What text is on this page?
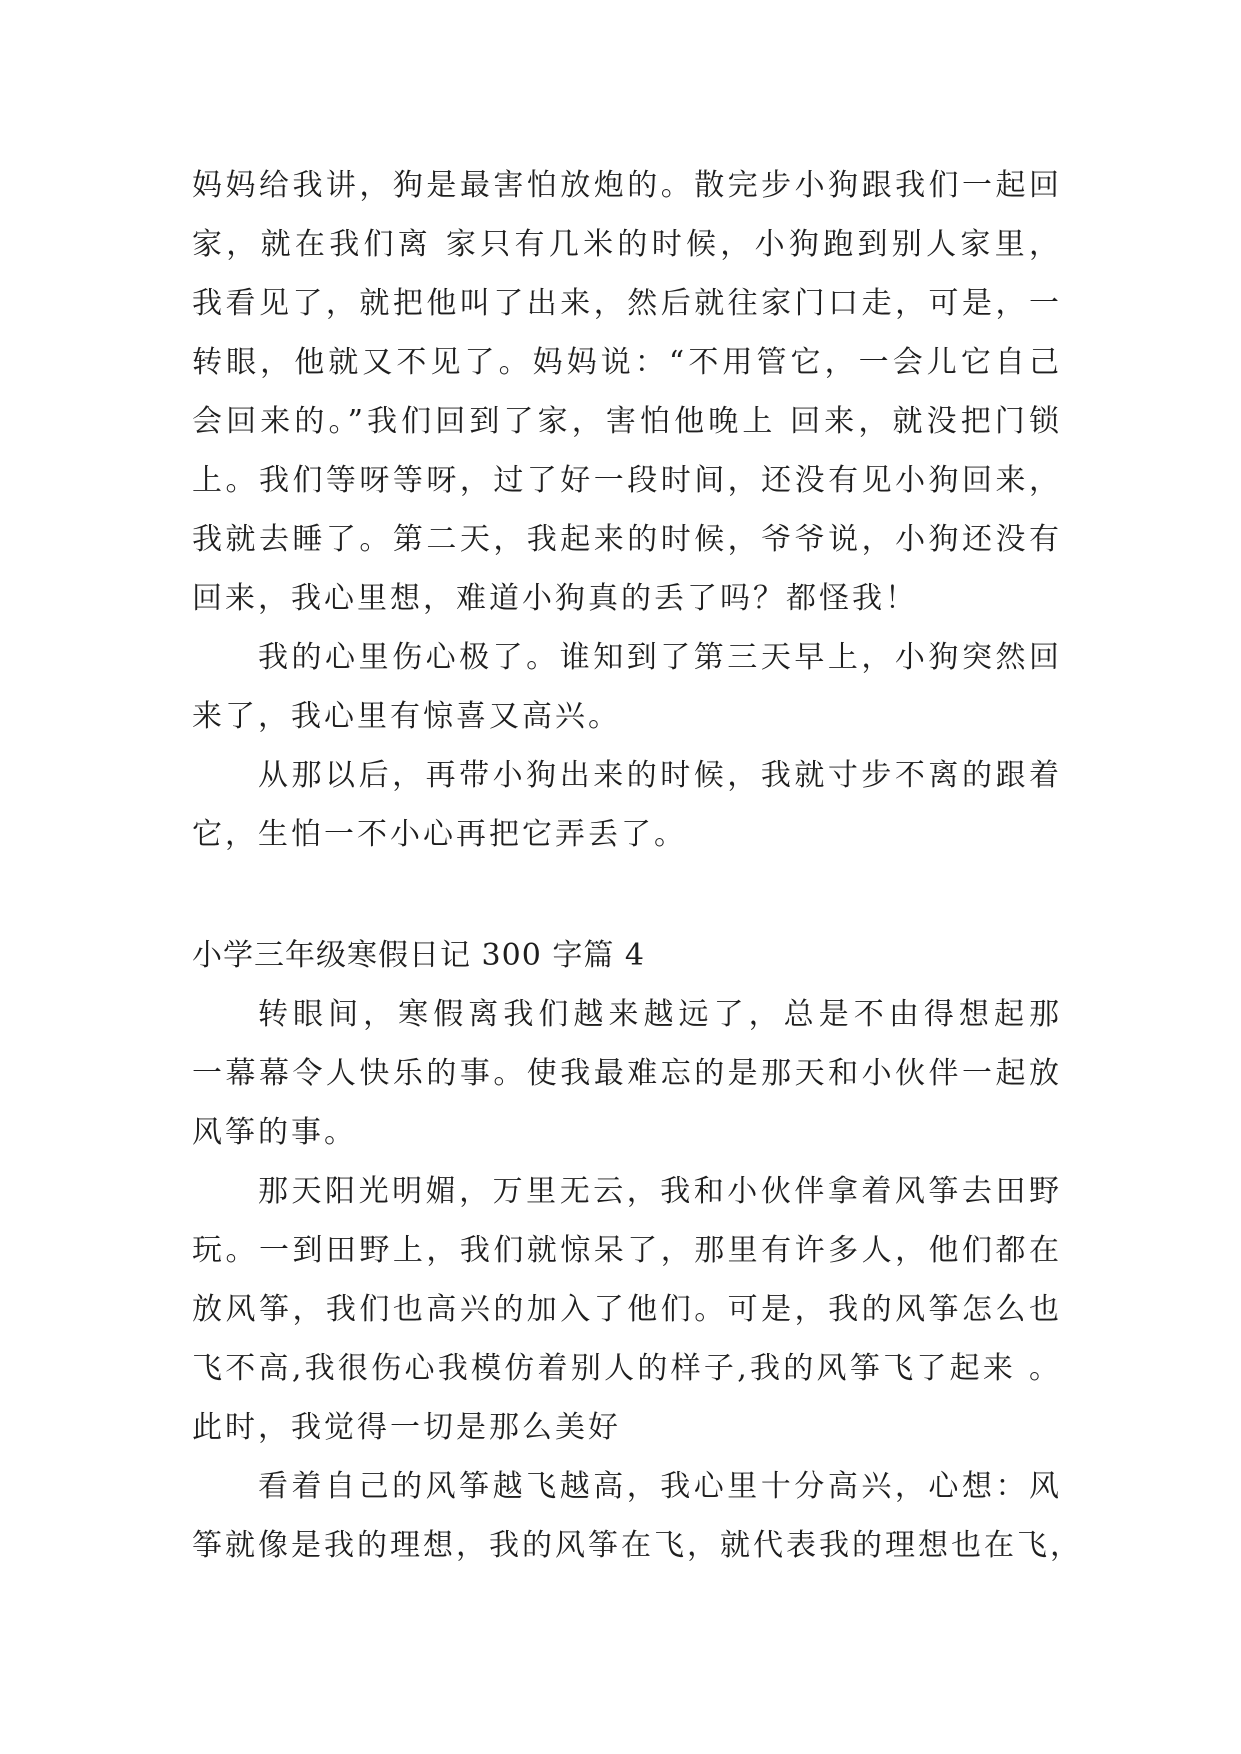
妈妈给我讲，狗是最害怕放炮的。散完步小狗跟我们一起回
家，就在我们离 家只有几米的时候，小狗跑到别人家里，
我看见了，就把他叫了出来，然后就往家门口走，可是，一
转眼，他就又不见了。妈妈说：“不用管它，一会儿它自己
会回来的。”我们回到了家，害怕他晚上 回来，就没把门锁
上。我们等呀等呀，过了好一段时间，还没有见小狗回来，
我就去睡了。第二天，我起来的时候，爷爷说，小狗还没有
回来，我心里想，难道小狗真的丢了吗？都怪我！
我的心里伤心极了。谁知到了第三天早上，小狗突然回
来了，我心里有惊喜又高兴。
从那以后，再带小狗出来的时候，我就寸步不离的跟着
它，生怕一不小心再把它弄丢了。
小学三年级寒假日记 300 字篇 4
转眼间，寒假离我们越来越远了，总是不由得想起那
一幕幕令人快乐的事。使我最难忘的是那天和小伙伴一起放
风筝的事。
那天阳光明媚，万里无云，我和小伙伴拿着风筝去田野
玩。一到田野上，我们就惊呆了，那里有许多人，他们都在
放风筝，我们也高兴的加入了他们。可是，我的风筝怎么也
飞不高,我很伤心我模仿着别人的样子,我的风筝飞了起来 。
此时，我觉得一切是那么美好
看着自己的风筝越飞越高，我心里十分高兴，心想：风
筝就像是我的理想，我的风筝在飞，就代表我的理想也在飞，
